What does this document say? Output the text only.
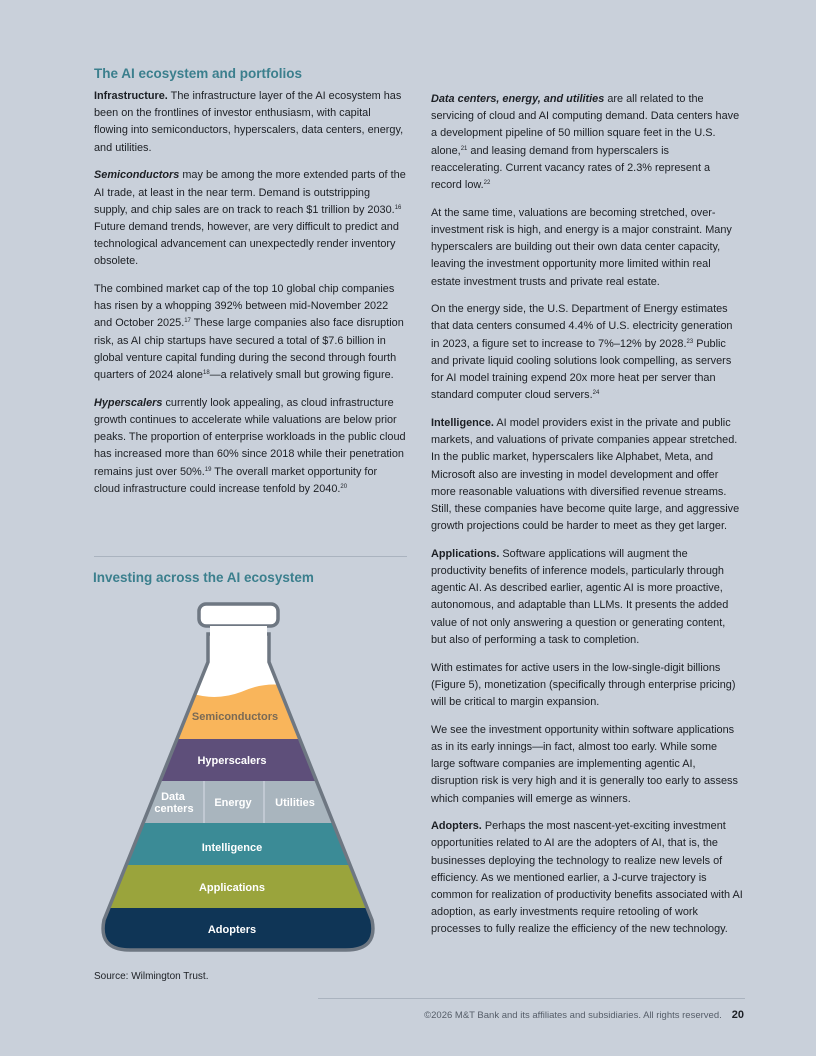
The AI ecosystem and portfolios

Infrastructure. The infrastructure layer of the AI ecosystem has been on the frontlines of investor enthusiasm, with capital flowing into semiconductors, hyperscalers, data centers, energy, and utilities.

Semiconductors may be among the more extended parts of the AI trade, at least in the near term. Demand is outstripping supply, and chip sales are on track to reach $1 trillion by 2030.16 Future demand trends, however, are very difficult to predict and technological advancement can unexpectedly render inventory obsolete.

The combined market cap of the top 10 global chip companies has risen by a whopping 392% between mid-November 2022 and October 2025.17 These large companies also face disruption risk, as AI chip startups have secured a total of $7.6 billion in global venture capital funding during the second through fourth quarters of 2024 alone$^{18}$—a relatively small but growing figure.

Hyperscalers currently look appealing, as cloud infrastructure growth continues to accelerate while valuations are below prior peaks. The proportion of enterprise workloads in the public cloud has increased more than 60% since 2018 while their penetration remains just over 50%.$^{19}$ The overall market opportunity for cloud infrastructure could increase tenfold by 2040.20

Investing across the AI ecosystem
Semiconductors
Hyperscalers
Data
centers Energy Utilities
Intelligence
Applications
Adopters
Source: Wilmington Trust.

Data centers, energy, and utilities are all related to the servicing of cloud and AI computing demand. Data centers have a development pipeline of 50 million square feet in the U.S. alone,$^{21}$ and leasing demand from hyperscalers is reaccelerating. Current vacancy rates of 2.3% represent a record low.$^{22}$

At the same time, valuations are becoming stretched, over-investment risk is high, and energy is a major constraint. Many hyperscalers are building out their own data center capacity, leaving the investment opportunity more limited within real estate investment trusts and private real estate.

On the energy side, the U.S. Department of Energy estimates that data centers consumed 4.4% of U.S. electricity generation in 2023, a figure set to increase to 7%–12% by 2028.23 Public and private liquid cooling solutions look compelling, as servers for AI model training expend 20x more heat per server than standard computer cloud servers.$^{24}$

Intelligence. AI model providers exist in the private and public markets, and valuations of private companies appear stretched. In the public market, hyperscalers like Alphabet, Meta, and Microsoft also are investing in model development and offer more reasonable valuations with diversified revenue streams. Still, these companies have become quite large, and aggressive growth projections could be harder to meet as they get larger.

Applications. Software applications will augment the productivity benefits of inference models, particularly through agentic AI. As described earlier, agentic AI is more proactive, autonomous, and adaptable than LLMs. It presents the added value of not only answering a question or generating content, but also of performing a task to completion.

With estimates for active users in the low-single-digit billions (Figure 5), monetization (specifically through enterprise pricing) will be critical to margin expansion.

We see the investment opportunity within software applications as in its early innings—in fact, almost too early. While some large software companies are implementing agentic AI, disruption risk is very high and it is generally too early to assess which companies will emerge as winners.

Adopters. Perhaps the most nascent-yet-exciting investment opportunities related to AI are the adopters of AI, that is, the businesses deploying the technology to realize new levels of efficiency. As we mentioned earlier, a J-curve trajectory is common for realization of productivity benefits associated with AI adoption, as early investments require retooling of work processes to fully realize the efficiency of the new technology.

©2026 M&T Bank and its affiliates and subsidiaries. All rights reserved. 20
